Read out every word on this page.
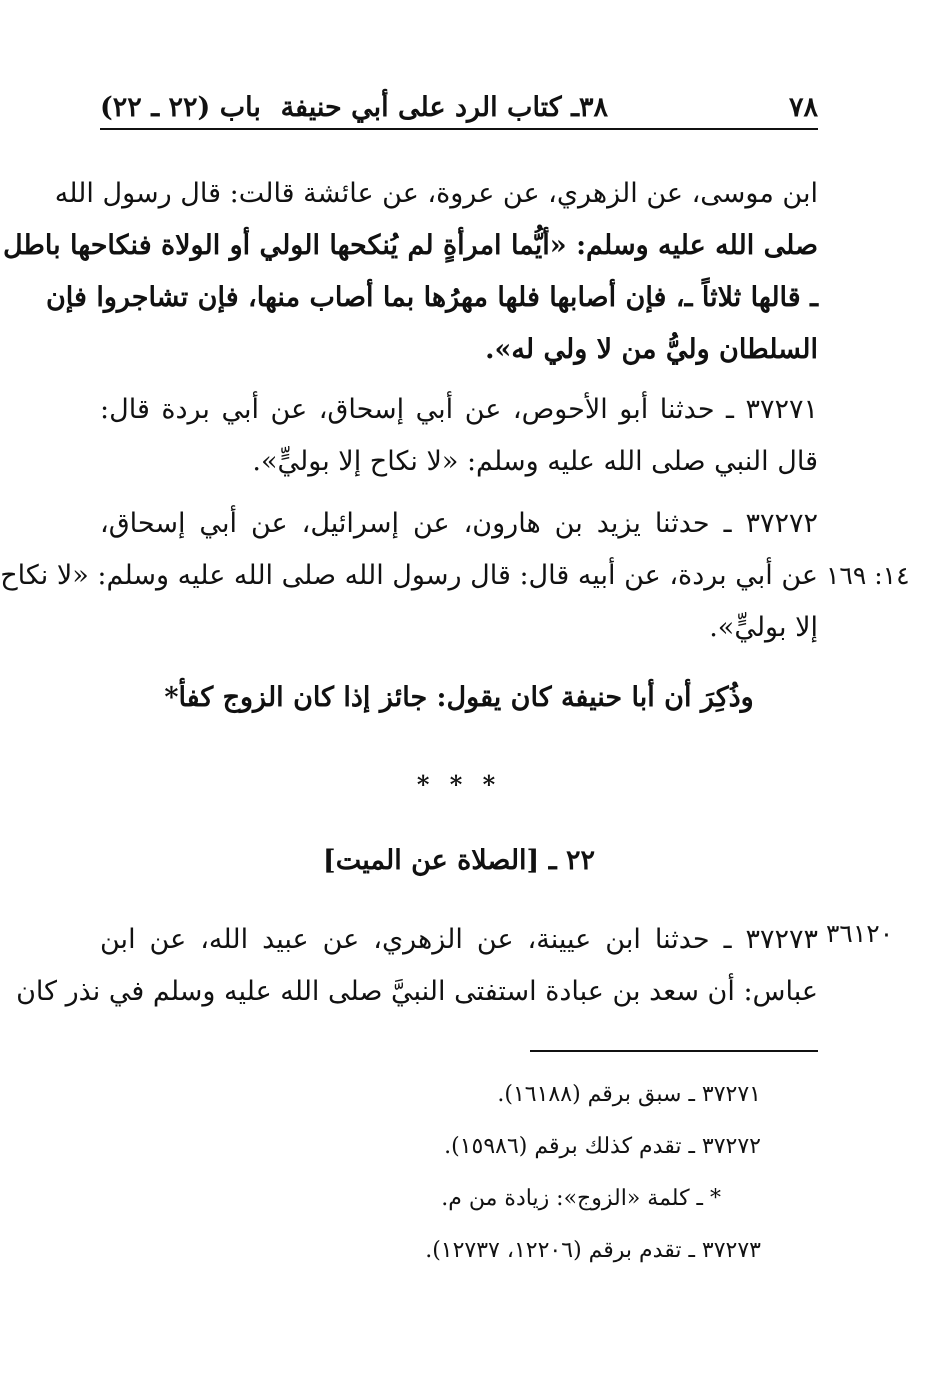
٧٨
٣٨ـ كتاب الرد على أبي حنيفة
باب (٢٢ ـ ٢٢)
ابن موسى، عن الزهري، عن عروة، عن عائشة قالت: قال رسول الله
صلى الله عليه وسلم: «أيُّما امرأةٍ لم يُنكحها الولي أو الولاة فنكاحها باطل
ـ قالها ثلاثاً ـ، فإن أصابها فلها مهرُها بما أصاب منها، فإن تشاجروا فإن
السلطان وليُّ من لا ولي له».
٣٧٢٧١ ـ حدثنا أبو الأحوص، عن أبي إسحاق، عن أبي بردة قال:
قال النبي صلى الله عليه وسلم: «لا نكاح إلا بوليٍّ».
٣٧٢٧٢ ـ حدثنا يزيد بن هارون، عن إسرائيل، عن أبي إسحاق،
عن أبي بردة، عن أبيه قال: قال رسول الله صلى الله عليه وسلم: «لا نكاح
إلا بوليٍّ».
١٤: ١٦٩
وذُكِرَ أن أبا حنيفة كان يقول: جائز إذا كان الزوج كفأ*
* * *
٢٢ ـ [الصلاة عن الميت]
٣٧٢٧٣ ـ حدثنا ابن عيينة، عن الزهري، عن عبيد الله، عن ابن
عباس: أن سعد بن عبادة استفتى النبيَّ صلى الله عليه وسلم في نذر كان
٣٦١٢٠
٣٧٢٧١ ـ سبق برقم (١٦١٨٨).
٣٧٢٧٢ ـ تقدم كذلك برقم (١٥٩٨٦).
* ـ كلمة «الزوج»: زيادة من م.
٣٧٢٧٣ ـ تقدم برقم (١٢٢٠٦، ١٢٧٣٧).
